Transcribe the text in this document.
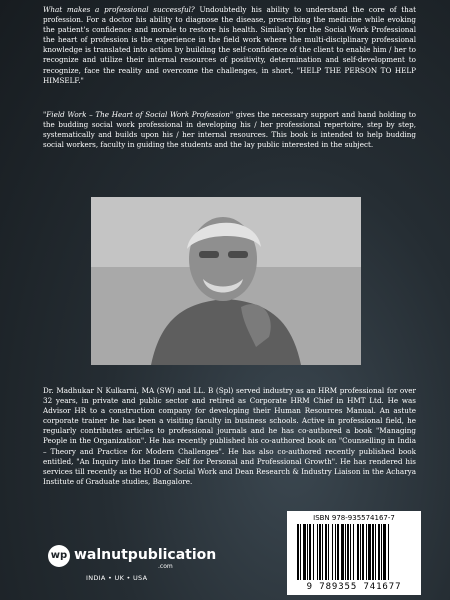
What makes a professional successful? Undoubtedly his ability to understand the core of that profession. For a doctor his ability to diagnose the disease, prescribing the medicine while evoking the patient's confidence and morale to restore his health. Similarly for the Social Work Professional the heart of profession is the experience in the field work where the multi-disciplinary professional knowledge is translated into action by building the self-confidence of the client to enable him / her to recognize and utilize their internal resources of positivity, determination and self-development to recognize, face the reality and overcome the challenges, in short, "HELP THE PERSON TO HELP HIMSELF."

"Field Work – The Heart of Social Work Profession" gives the necessary support and hand holding to the budding social work professional in developing his / her professional repertoire, step by step, systematically and builds upon his / her internal resources. This book is intended to help budding social workers, faculty in guiding the students and the lay public interested in the subject.

Dr. Madhukar N Kulkarni, MA (SW) and LL. B (Spl) served industry as an HRM professional for over 32 years, in private and public sector and retired as Corporate HRM Chief in HMT Ltd. He was Advisor HR to a construction company for developing their Human Resources Manual. An astute corporate trainer he has been a visiting faculty in business schools. Active in professional field, he regularly contributes articles to professional journals and he has co-authored a book "Managing People in the Organization". He has recently published his co-authored book on "Counselling in India – Theory and Practice for Modern Challenges". He has also co-authored recently published book entitled, "An Inquiry into the Inner Self for Personal and Professional Growth". He has rendered his services till recently as the HOD of Social Work and Dean Research & Industry Liaison in the Acharya Institute of Graduate studies, Bangalore.

wp walnutpublication
.com
INDIA • UK • USA
ISBN 978-935574167-7
9 789355 741677
